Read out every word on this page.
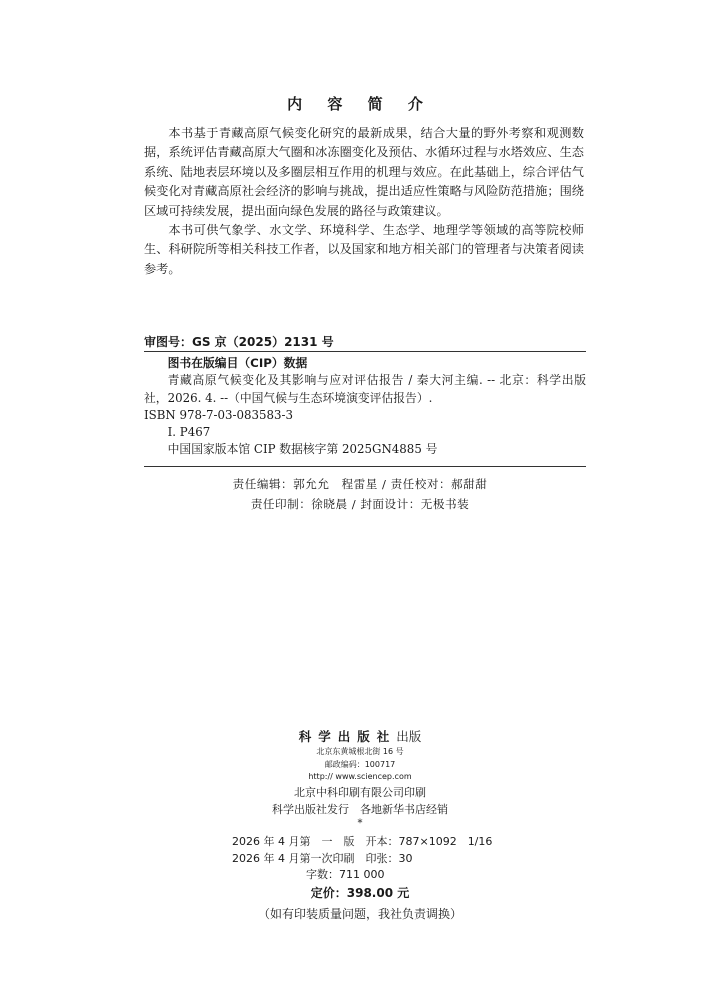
内 容 简 介

本书基于青藏高原气候变化研究的最新成果，结合大量的野外考察和观测数据，系统评估青藏高原大气圈和冰冻圈变化及预估、水循环过程与水塔效应、生态系统、陆地表层环境以及多圈层相互作用的机理与效应。在此基础上，综合评估气候变化对青藏高原社会经济的影响与挑战，提出适应性策略与风险防范措施；围绕区域可持续发展，提出面向绿色发展的路径与政策建议。

本书可供气象学、水文学、环境科学、生态学、地理学等领域的高等院校师生、科研院所等相关科技工作者，以及国家和地方相关部门的管理者与决策者阅读参考。

审图号：GS 京（2025）2131 号
图书在版编目（CIP）数据
青藏高原气候变化及其影响与应对评估报告 / 秦大河主编. -- 北京：科学出版社，2026. 4. --（中国气候与生态环境演变评估报告）.
ISBN 978-7-03-083583-3
Ⅰ. P467
中国国家版本馆 CIP 数据核字第 2025GN4885 号
责任编辑：郭允允　程雷星 / 责任校对：郝甜甜
责任印制：徐晓晨 / 封面设计：无极书装
科学出版社出版
北京东黄城根北街 16 号
邮政编码：100717
http:// www.sciencep.com
北京中科印刷有限公司印刷
科学出版社发行　各地新华书店经销
*
2026 年 4 月第　一　版　开本：787×1092　1/16
2026 年 4 月第一次印刷　印张：30
字数：711 000
定价：398.00 元
（如有印装质量问题，我社负责调换）
